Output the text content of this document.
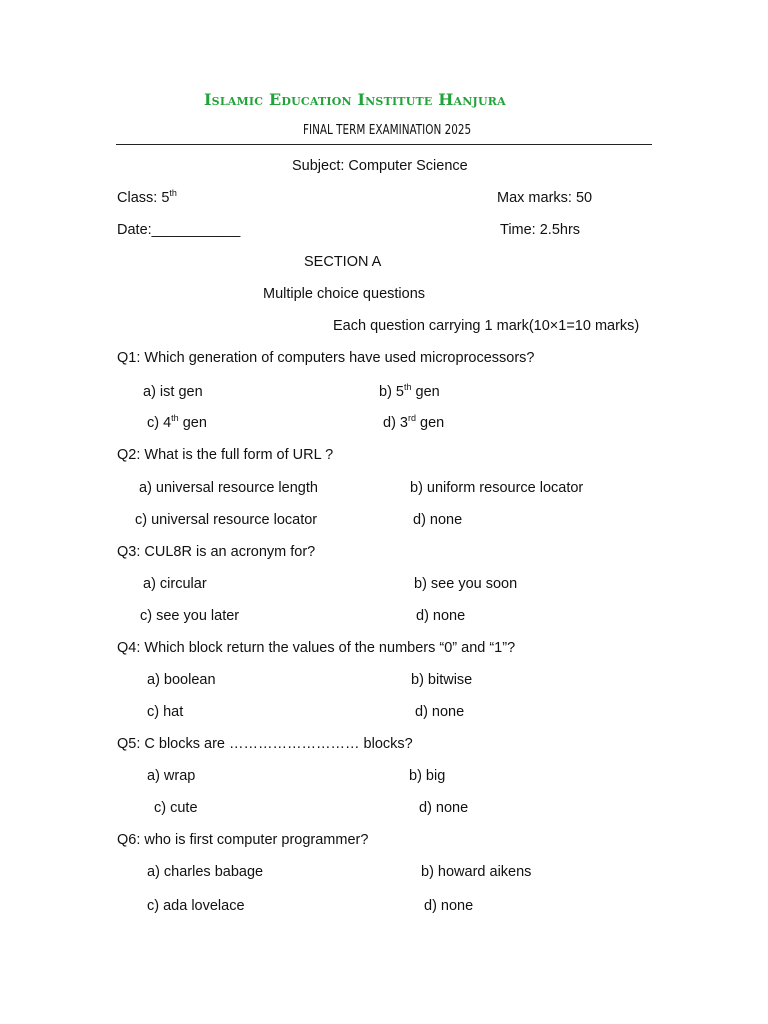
Islamic Education Institute Hanjura
FINAL TERM EXAMINATION 2025
Subject: Computer Science
Class: 5th	Max marks: 50
Date:___________	Time: 2.5hrs
SECTION A
Multiple choice questions
Each question carrying 1 mark(10×1=10 marks)
Q1: Which generation of computers have used microprocessors?
a) ist gen	b) 5th gen
c) 4th gen	d) 3rd gen
Q2: What is the full form of URL ?
a) universal resource length	b) uniform resource locator
c) universal resource locator	d) none
Q3: CUL8R is an acronym for?
a) circular	b) see you soon
c) see you later	d) none
Q4: Which block return the values of the numbers “0” and “1”?
a) boolean	b) bitwise
c) hat	d) none
Q5: C blocks are ……………………… blocks?
a) wrap	b) big
c) cute	d) none
Q6: who is first computer programmer?
a) charles babage	b) howard aikens
c) ada lovelace	d) none
